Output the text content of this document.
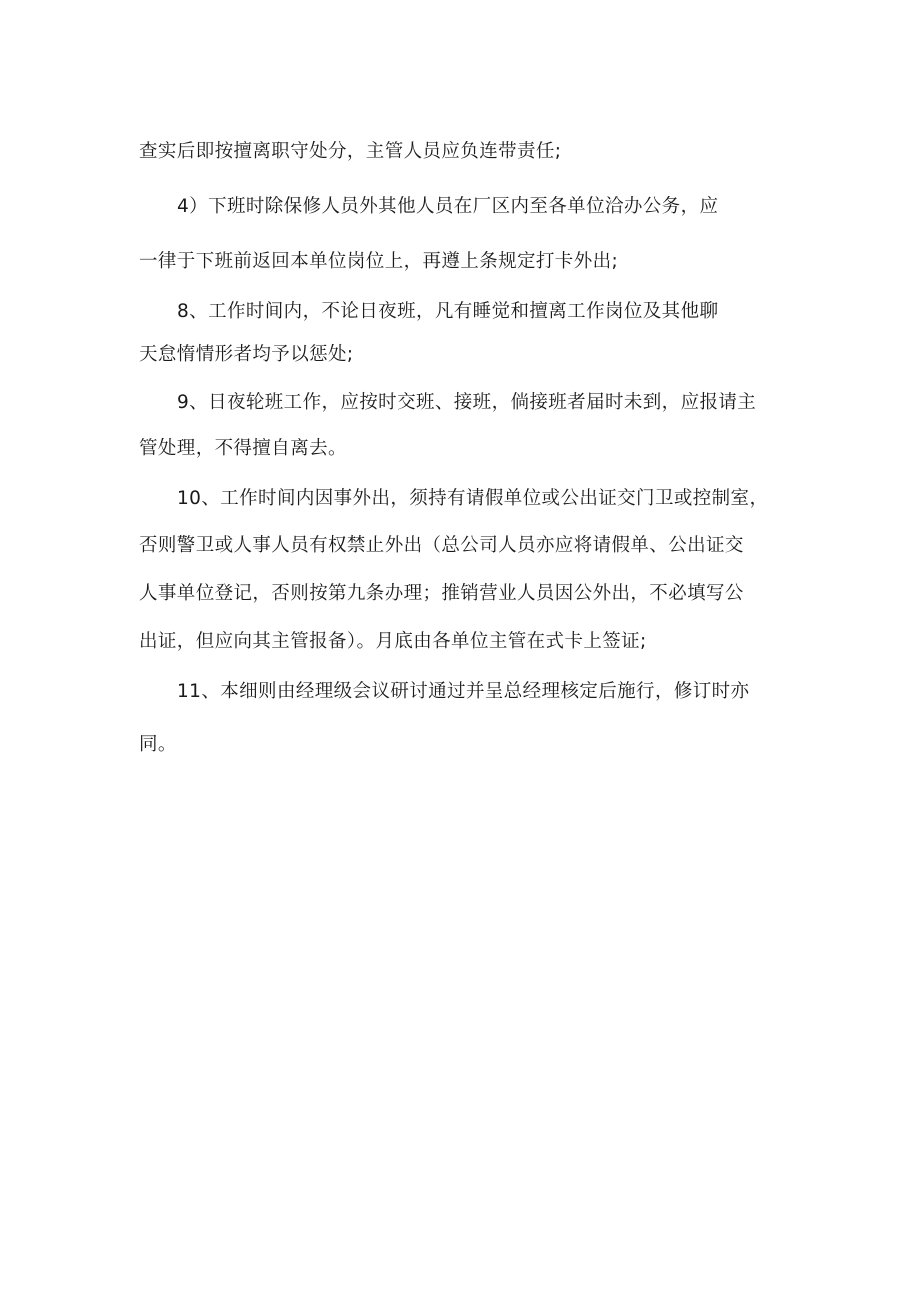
查实后即按擅离职守处分，主管人员应负连带责任;
4）下班时除保修人员外其他人员在厂区内至各单位洽办公务，应
一律于下班前返回本单位岗位上，再遵上条规定打卡外出;
8、工作时间内，不论日夜班，凡有睡觉和擅离工作岗位及其他聊
天怠惰情形者均予以惩处;
9、日夜轮班工作，应按时交班、接班，倘接班者届时未到，应报请主
管处理，不得擅自离去。
10、工作时间内因事外出，须持有请假单位或公出证交门卫或控制室，
否则警卫或人事人员有权禁止外出（总公司人员亦应将请假单、公出证交
人事单位登记，否则按第九条办理；推销营业人员因公外出，不必填写公
出证，但应向其主管报备）。月底由各单位主管在式卡上签证;
11、本细则由经理级会议研讨通过并呈总经理核定后施行，修订时亦
同。
